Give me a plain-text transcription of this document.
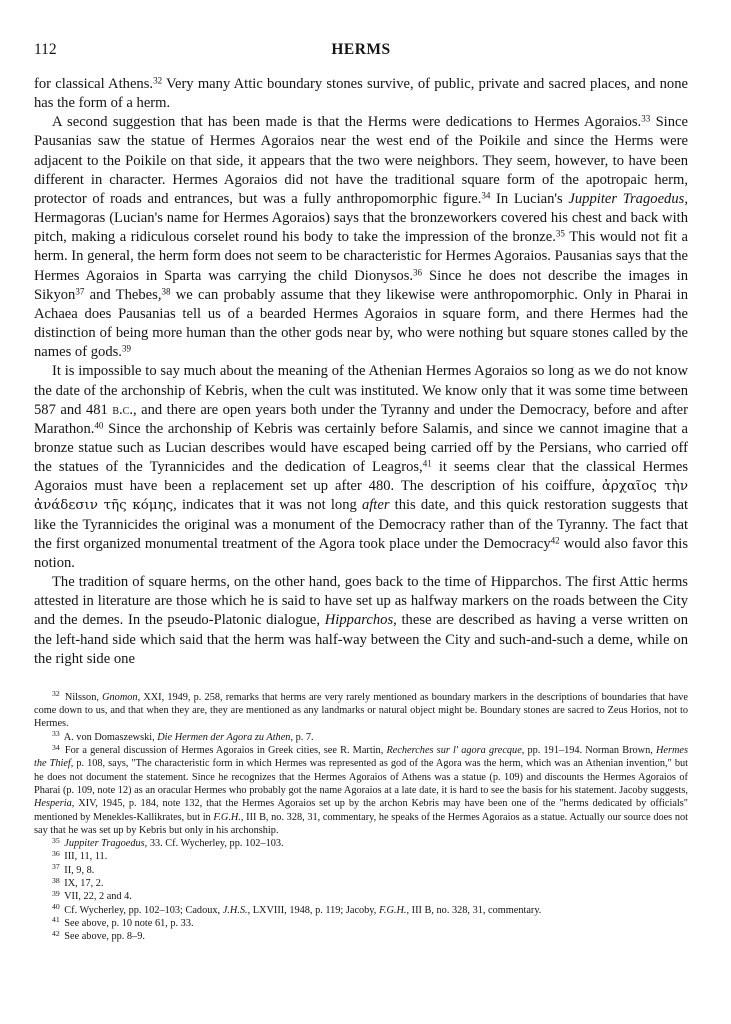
112	HERMS

for classical Athens.$^{32}$ Very many Attic boundary stones survive, of public, private and sacred places, and none has the form of a herm.

A second suggestion that has been made is that the Herms were dedications to Hermes Agoraios.$^{33}$ Since Pausanias saw the statue of Hermes Agoraios near the west end of the Poikile and since the Herms were adjacent to the Poikile on that side, it appears that the two were neighbors. They seem, however, to have been different in character. Hermes Agoraios did not have the traditional square form of the apotropaic herm, protector of roads and entrances, but was a fully anthropomorphic figure.$^{34}$ In Lucian's Juppiter Tragoedus, Hermagoras (Lucian's name for Hermes Agoraios) says that the bronzeworkers covered his chest and back with pitch, making a ridiculous corselet round his body to take the impression of the bronze.$^{35}$ This would not fit a herm. In general, the herm form does not seem to be characteristic for Hermes Agoraios. Pausanias says that the Hermes Agoraios in Sparta was carrying the child Dionysos.$^{36}$ Since he does not describe the images in Sikyon$^{37}$ and Thebes,$^{38}$ we can probably assume that they likewise were anthropomorphic. Only in Pharai in Achaea does Pausanias tell us of a bearded Hermes Agoraios in square form, and there Hermes had the distinction of being more human than the other gods near by, who were nothing but square stones called by the names of gods.$^{39}$

It is impossible to say much about the meaning of the Athenian Hermes Agoraios so long as we do not know the date of the archonship of Kebris, when the cult was instituted. We know only that it was some time between 587 and 481 b.c., and there are open years both under the Tyranny and under the Democracy, before and after Marathon.$^{40}$ Since the archonship of Kebris was certainly before Salamis, and since we cannot imagine that a bronze statue such as Lucian describes would have escaped being carried off by the Persians, who carried off the statues of the Tyrannicides and the dedication of Leagros,$^{41}$ it seems clear that the classical Hermes Agoraios must have been a replacement set up after 480. The description of his coiffure, ἀρχαῖος τὴν ἀνάδεσιν τῆς κόμης, indicates that it was not long after this date, and this quick restoration suggests that like the Tyrannicides the original was a monument of the Democracy rather than of the Tyranny. The fact that the first organized monumental treatment of the Agora took place under the Democracy$^{42}$ would also favor this notion.

The tradition of square herms, on the other hand, goes back to the time of Hipparchos. The first Attic herms attested in literature are those which he is said to have set up as halfway markers on the roads between the City and the demes. In the pseudo-Platonic dialogue, Hipparchos, these are described as having a verse written on the left-hand side which said that the herm was half-way between the City and such-and-such a deme, while on the right side one

$^{32}$ Nilsson, Gnomon, XXI, 1949, p. 258, remarks that herms are very rarely mentioned as boundary markers in the descriptions of boundaries that have come down to us, and that when they are, they are mentioned as any landmarks or natural object might be. Boundary stones are sacred to Zeus Horios, not to Hermes.

$^{33}$ A. von Domaszewski, Die Hermen der Agora zu Athen, p. 7.

$^{34}$ For a general discussion of Hermes Agoraios in Greek cities, see R. Martin, Recherches sur l' agora grecque, pp. 191–194. Norman Brown, Hermes the Thief, p. 108, says, "The characteristic form in which Hermes was represented as god of the Agora was the herm, which was an Athenian invention," but he does not document the statement. Since he recognizes that the Hermes Agoraios of Athens was a statue (p. 109) and discounts the Hermes Agoraios of Pharai (p. 109, note 12) as an oracular Hermes who probably got the name Agoraios at a late date, it is hard to see the basis for his statement. Jacoby suggests, Hesperia, XIV, 1945, p. 184, note 132, that the Hermes Agoraios set up by the archon Kebris may have been one of the "herms dedicated by officials" mentioned by Menekles-Kallikrates, but in F.G.H., III B, no. 328, 31, commentary, he speaks of the Hermes Agoraios as a statue. Actually our source does not say that he was set up by Kebris but only in his archonship.

$^{35}$ Juppiter Tragoedus, 33. Cf. Wycherley, pp. 102–103.

$^{36}$ III, 11, 11.

$^{37}$ II, 9, 8.

$^{38}$ IX, 17, 2.

$^{39}$ VII, 22, 2 and 4.

$^{40}$ Cf. Wycherley, pp. 102–103; Cadoux, J.H.S., LXVIII, 1948, p. 119; Jacoby, F.G.H., III B, no. 328, 31, commentary.

$^{41}$ See above, p. 10 note 61, p. 33.

$^{42}$ See above, pp. 8–9.
